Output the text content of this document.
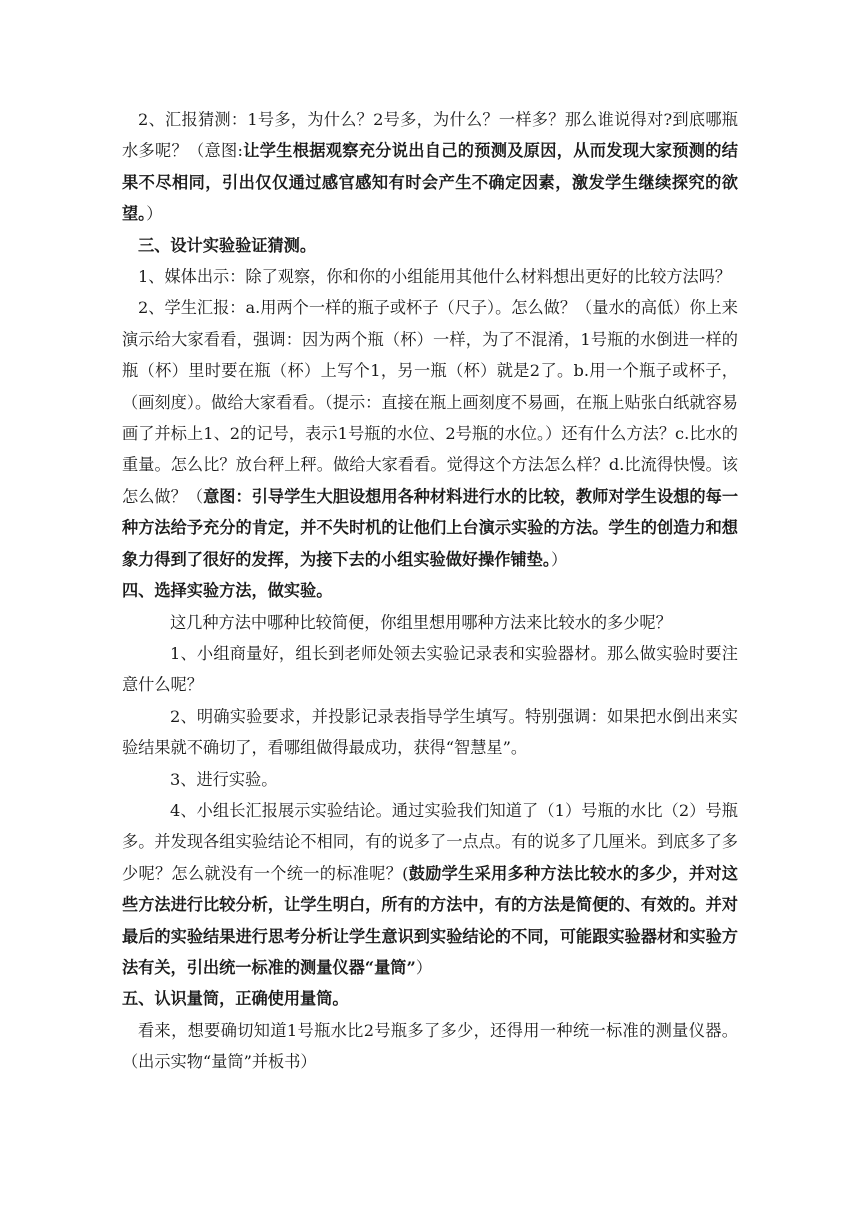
2、汇报猜测：1号多，为什么？2号多，为什么？一样多？那么谁说得对?到底哪瓶水多呢？（意图:让学生根据观察充分说出自己的预测及原因，从而发现大家预测的结果不尽相同，引出仅仅通过感官感知有时会产生不确定因素，激发学生继续探究的欲望。）

三、设计实验验证猜测。

1、媒体出示：除了观察，你和你的小组能用其他什么材料想出更好的比较方法吗？

2、学生汇报：a.用两个一样的瓶子或杯子（尺子）。怎么做？（量水的高低）你上来演示给大家看看，强调：因为两个瓶（杯）一样，为了不混淆，1号瓶的水倒进一样的瓶（杯）里时要在瓶（杯）上写个1，另一瓶（杯）就是2了。b.用一个瓶子或杯子，（画刻度）。做给大家看看。（提示：直接在瓶上画刻度不易画，在瓶上贴张白纸就容易画了并标上1、2的记号，表示1号瓶的水位、2号瓶的水位。）还有什么方法？c.比水的重量。怎么比？放台秤上秤。做给大家看看。觉得这个方法怎么样？d.比流得快慢。该怎么做？（意图：引导学生大胆设想用各种材料进行水的比较，教师对学生设想的每一种方法给予充分的肯定，并不失时机的让他们上台演示实验的方法。学生的创造力和想象力得到了很好的发挥，为接下去的小组实验做好操作铺垫。）

四、选择实验方法，做实验。

这几种方法中哪种比较简便，你组里想用哪种方法来比较水的多少呢？

1、小组商量好，组长到老师处领去实验记录表和实验器材。那么做实验时要注意什么呢？

2、明确实验要求，并投影记录表指导学生填写。特别强调：如果把水倒出来实验结果就不确切了，看哪组做得最成功，获得“智慧星”。

3、进行实验。

4、小组长汇报展示实验结论。通过实验我们知道了（1）号瓶的水比（2）号瓶多。并发现各组实验结论不相同，有的说多了一点点。有的说多了几厘米。到底多了多少呢？怎么就没有一个统一的标准呢？(鼓励学生采用多种方法比较水的多少，并对这些方法进行比较分析，让学生明白，所有的方法中，有的方法是简便的、有效的。并对最后的实验结果进行思考分析让学生意识到实验结论的不同，可能跟实验器材和实验方法有关，引出统一标准的测量仪器“量筒”）

五、认识量筒，正确使用量筒。

看来，想要确切知道1号瓶水比2号瓶多了多少，还得用一种统一标准的测量仪器。（出示实物“量筒”并板书）
